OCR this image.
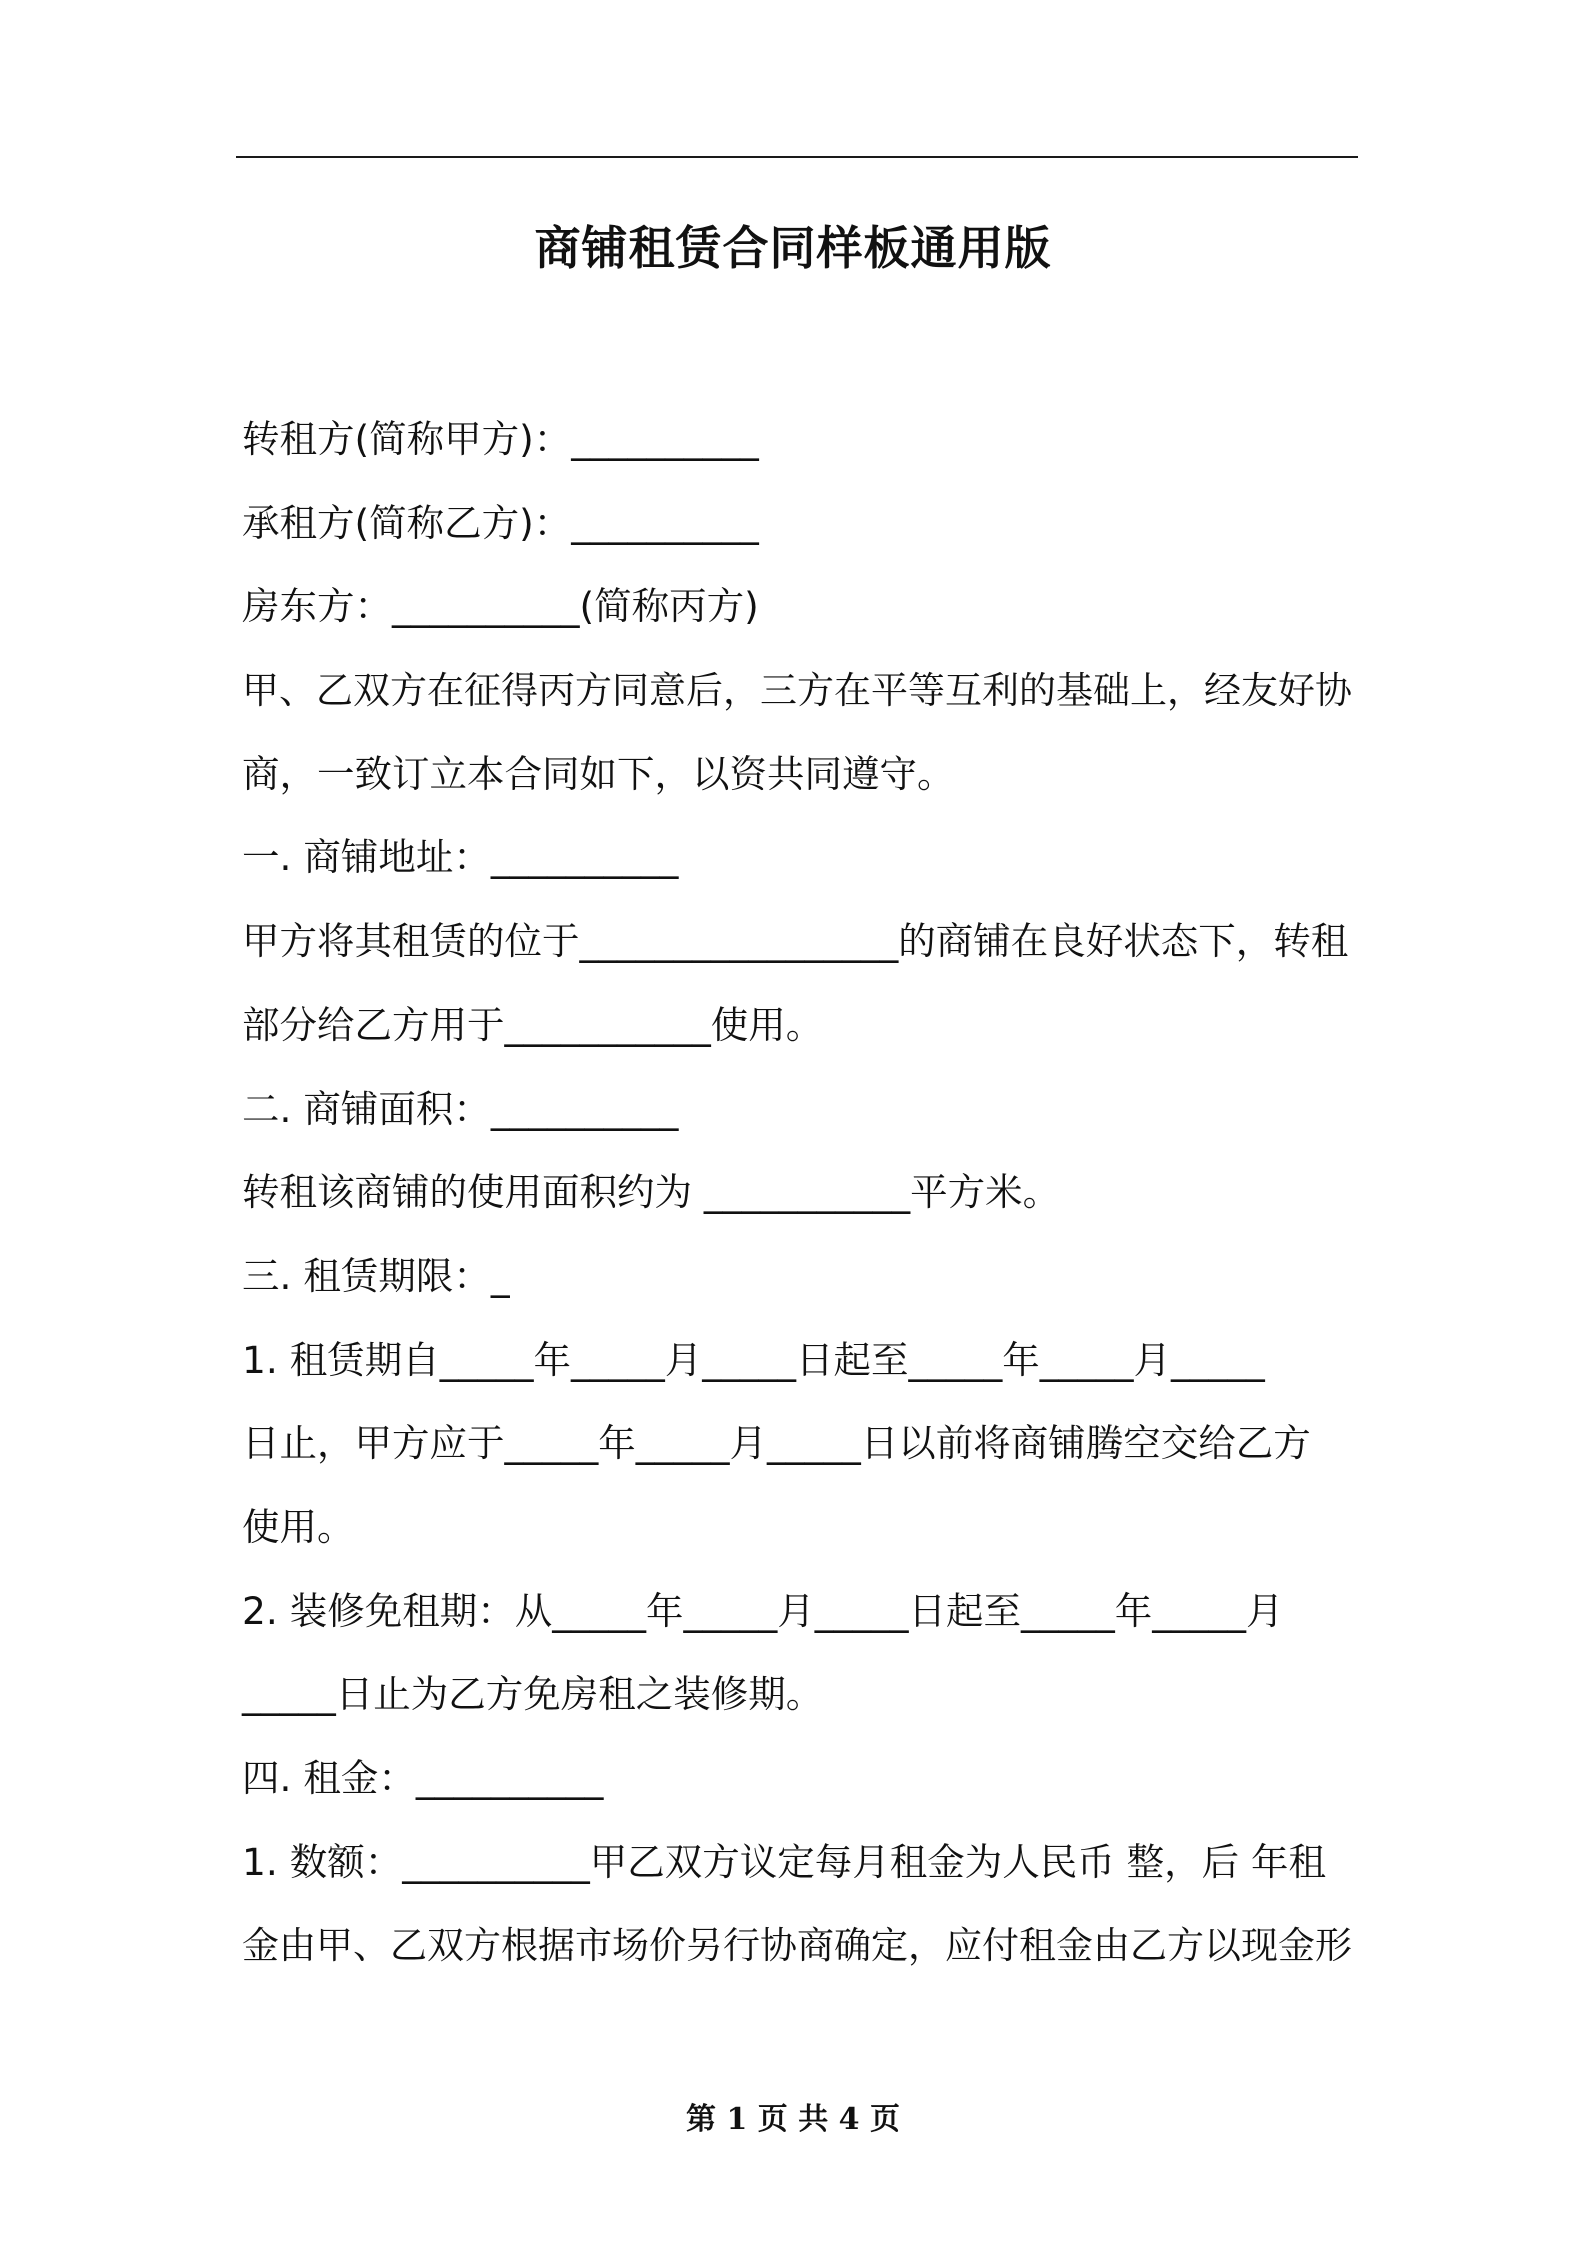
商铺租赁合同样板通用版
转租方(简称甲方)：__________
承租方(简称乙方)：__________
房东方：__________(简称丙方)
甲、乙双方在征得丙方同意后，三方在平等互利的基础上，经友好协
商，一致订立本合同如下，以资共同遵守。
一. 商铺地址：__________
甲方将其租赁的位于_________________的商铺在良好状态下，转租
部分给乙方用于___________使用。
二. 商铺面积：__________
转租该商铺的使用面积约为 ___________平方米。
三. 租赁期限：_
1. 租赁期自_____年_____月_____日起至_____年_____月_____
日止，甲方应于_____年_____月_____日以前将商铺腾空交给乙方
使用。
2. 装修免租期：从_____年_____月_____日起至_____年_____月
_____日止为乙方免房租之装修期。
四. 租金：__________
1. 数额：__________甲乙双方议定每月租金为人民币 整，后 年租
金由甲、乙双方根据市场价另行协商确定，应付租金由乙方以现金形
第 1 页 共 4 页
